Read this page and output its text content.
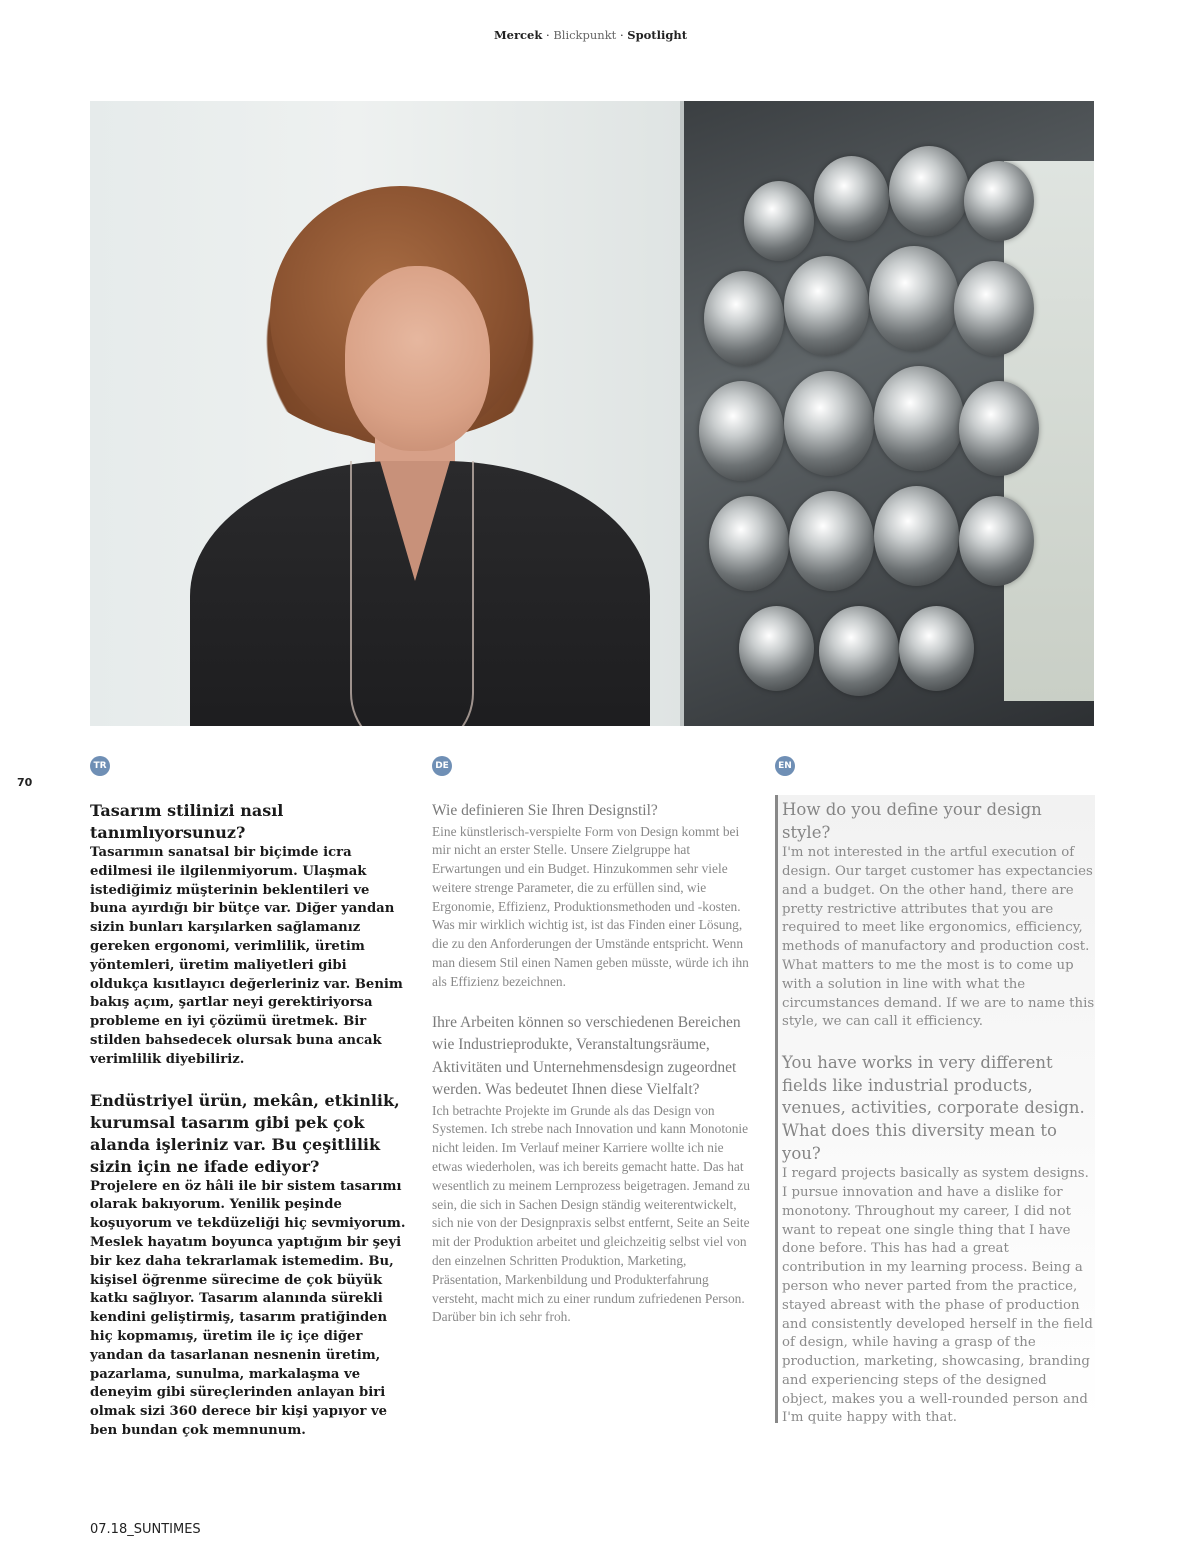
Mercek · Blickpunkt · Spotlight
70
TR	DE	EN

Tasarım stilinizi nasıl tanımlıyorsunuz?

Tasarımın sanatsal bir biçimde icra edilmesi ile ilgilenmiyorum. Ulaşmak istediğimiz müşterinin beklentileri ve buna ayırdığı bir bütçe var. Diğer yandan sizin bunları karşılarken sağlamanız gereken ergonomi, verimlilik, üretim yöntemleri, üretim maliyetleri gibi oldukça kısıtlayıcı değerleriniz var. Benim bakış açım, şartlar neyi gerektiriyorsa probleme en iyi çözümü üretmek. Bir stilden bahsedecek olursak buna ancak verimlilik diyebiliriz.

Endüstriyel ürün, mekân, etkinlik, kurumsal tasarım gibi pek çok alanda işleriniz var. Bu çeşitlilik sizin için ne ifade ediyor?

Projelere en öz hâli ile bir sistem tasarımı olarak bakıyorum. Yenilik peşinde koşuyorum ve tekdüzeliği hiç sevmiyorum. Meslek hayatım boyunca yaptığım bir şeyi bir kez daha tekrarlamak istemedim. Bu, kişisel öğrenme sürecime de çok büyük katkı sağlıyor. Tasarım alanında sürekli kendini geliştirmiş, tasarım pratiğinden hiç kopmamış, üretim ile iç içe diğer yandan da tasarlanan nesnenin üretim, pazarlama, sunulma, markalaşma ve deneyim gibi süreçlerinden anlayan biri olmak sizi 360 derece bir kişi yapıyor ve ben bundan çok memnunum.

Wie definieren Sie Ihren Designstil?

Eine künstlerisch-verspielte Form von Design kommt bei mir nicht an erster Stelle. Unsere Zielgruppe hat Erwartungen und ein Budget. Hinzukommen sehr viele weitere strenge Parameter, die zu erfüllen sind, wie Ergonomie, Effizienz, Produktionsmethoden und -kosten. Was mir wirklich wichtig ist, ist das Finden einer Lösung, die zu den Anforderungen der Umstände entspricht. Wenn man diesem Stil einen Namen geben müsste, würde ich ihn als Effizienz bezeichnen.

Ihre Arbeiten können so verschiedenen Bereichen wie Industrieprodukte, Veranstaltungsräume, Aktivitäten und Unternehmensdesign zugeordnet werden. Was bedeutet Ihnen diese Vielfalt?

Ich betrachte Projekte im Grunde als das Design von Systemen. Ich strebe nach Innovation und kann Monotonie nicht leiden. Im Verlauf meiner Karriere wollte ich nie etwas wiederholen, was ich bereits gemacht hatte. Das hat wesentlich zu meinem Lernprozess beigetragen. Jemand zu sein, die sich in Sachen Design ständig weiterentwickelt, sich nie von der Designpraxis selbst entfernt, Seite an Seite mit der Produktion arbeitet und gleichzeitig selbst viel von den einzelnen Schritten Produktion, Marketing, Präsentation, Markenbildung und Produkterfahrung versteht, macht mich zu einer rundum zufriedenen Person. Darüber bin ich sehr froh.

How do you define your design style?

I'm not interested in the artful execution of design. Our target customer has expectancies and a budget. On the other hand, there are pretty restrictive attributes that you are required to meet like ergonomics, efficiency, methods of manufactory and production cost. What matters to me the most is to come up with a solution in line with what the circumstances demand. If we are to name this style, we can call it efficiency.

You have works in very different fields like industrial products, venues, activities, corporate design. What does this diversity mean to you?

I regard projects basically as system designs. I pursue innovation and have a dislike for monotony. Throughout my career, I did not want to repeat one single thing that I have done before. This has had a great contribution in my learning process. Being a person who never parted from the practice, stayed abreast with the phase of production and consistently developed herself in the field of design, while having a grasp of the production, marketing, showcasing, branding and experiencing steps of the designed object, makes you a well-rounded person and I'm quite happy with that.

07.18_SUNTIMES
